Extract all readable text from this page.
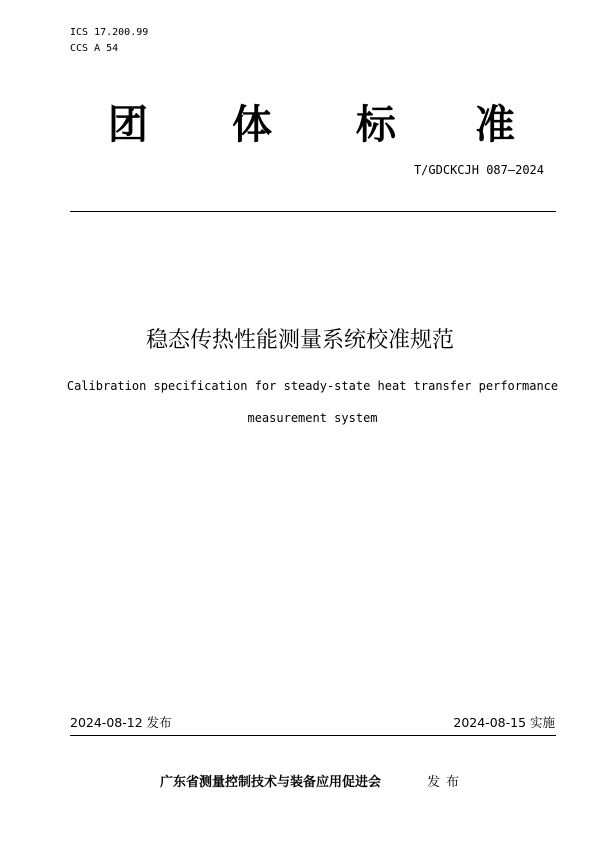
ICS 17.200.99
CCS A 54
团 体 标 准
T/GDCKCJH 087—2024
稳态传热性能测量系统校准规范
Calibration specification for steady-state heat transfer performance
measurement system
2024-08-12 发布	2024-08-15 实施
广东省测量控制技术与装备应用促进会	发布
